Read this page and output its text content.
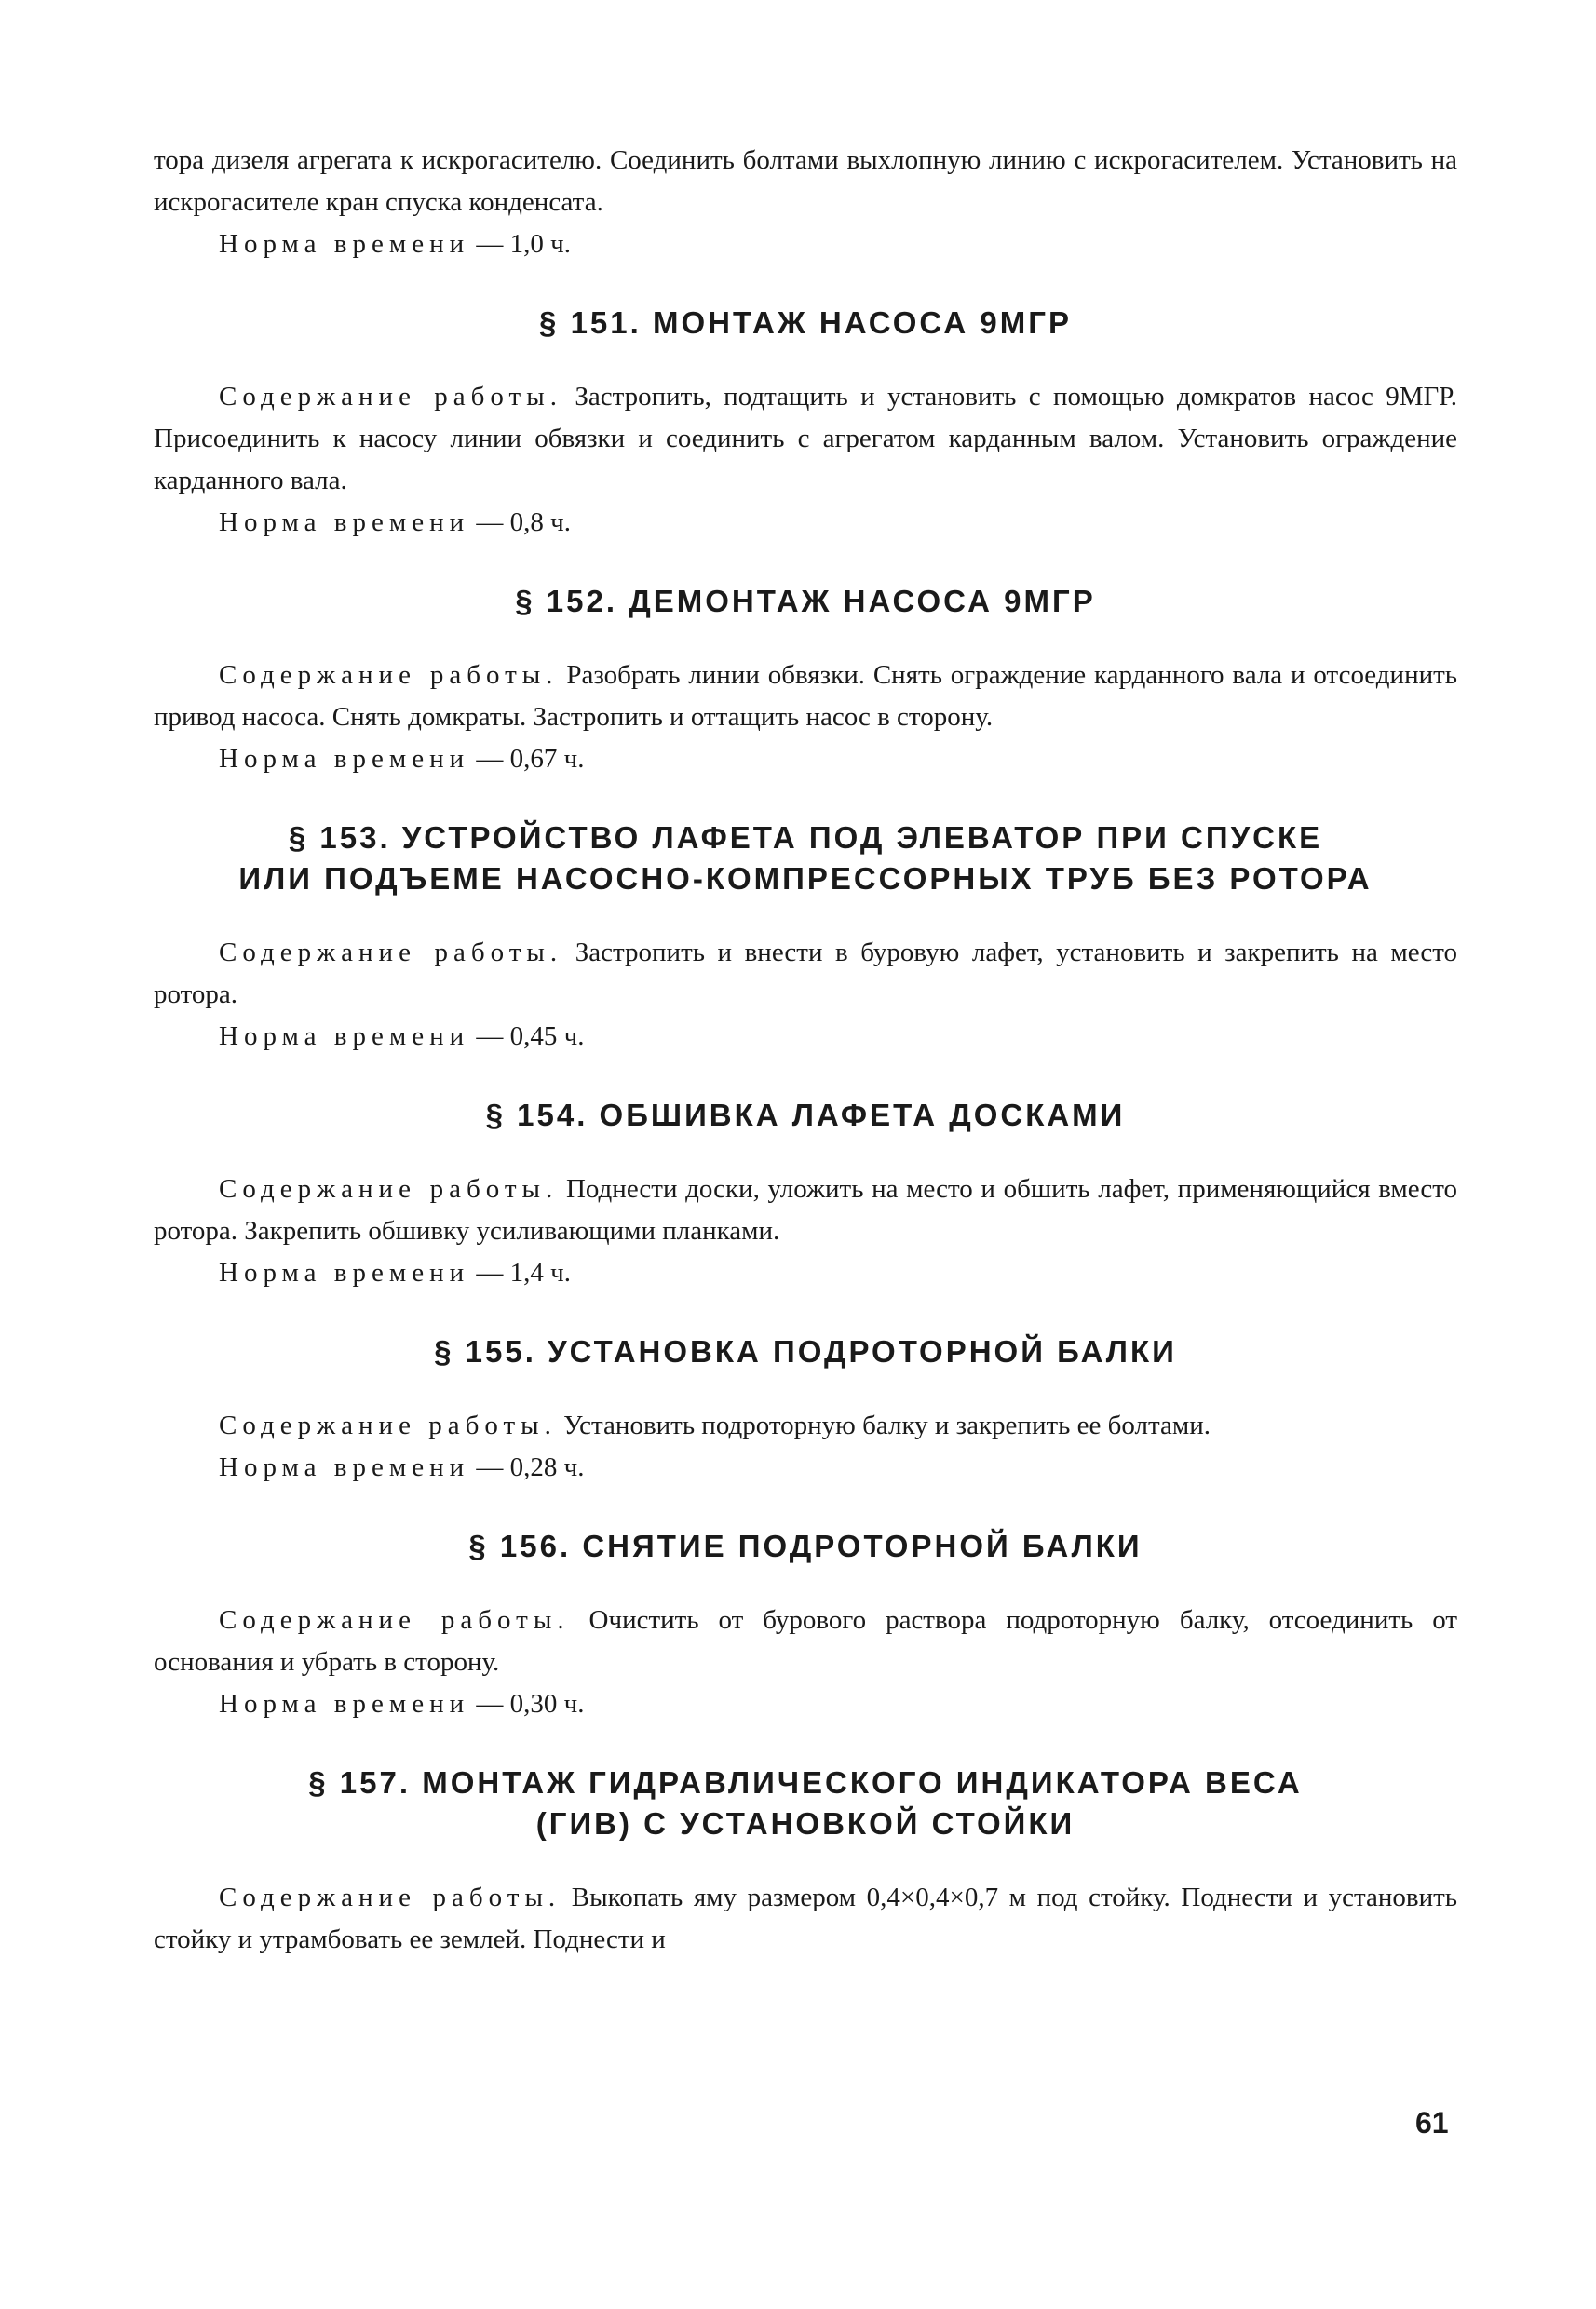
тора дизеля агрегата к искрогасителю. Соединить болтами выхлопную линию с искрогасителем. Установить на искрогасителе кран спуска конденсата.

Норма времени — 1,0 ч.
§ 151. МОНТАЖ НАСОСА 9МГР

Содержание работы. Застропить, подтащить и установить с помощью домкратов насос 9МГР. Присоединить к насосу линии обвязки и соединить с агрегатом карданным валом. Установить ограждение карданного вала.

Норма времени — 0,8 ч.
§ 152. ДЕМОНТАЖ НАСОСА 9МГР

Содержание работы. Разобрать линии обвязки. Снять ограждение карданного вала и отсоединить привод насоса. Снять домкраты. Застропить и оттащить насос в сторону.

Норма времени — 0,67 ч.
§ 153. УСТРОЙСТВО ЛАФЕТА ПОД ЭЛЕВАТОР ПРИ СПУСКЕ
ИЛИ ПОДЪЕМЕ НАСОСНО-КОМПРЕССОРНЫХ ТРУБ БЕЗ РОТОРА

Содержание работы. Застропить и внести в буровую лафет, установить и закрепить на место ротора.

Норма времени — 0,45 ч.
§ 154. ОБШИВКА ЛАФЕТА ДОСКАМИ

Содержание работы. Поднести доски, уложить на место и обшить лафет, применяющийся вместо ротора. Закрепить обшивку усиливающими планками.

Норма времени — 1,4 ч.
§ 155. УСТАНОВКА ПОДРОТОРНОЙ БАЛКИ

Содержание работы. Установить подроторную балку и закрепить ее болтами.

Норма времени — 0,28 ч.
§ 156. СНЯТИЕ ПОДРОТОРНОЙ БАЛКИ

Содержание работы. Очистить от бурового раствора подроторную балку, отсоединить от основания и убрать в сторону.

Норма времени — 0,30 ч.
§ 157. МОНТАЖ ГИДРАВЛИЧЕСКОГО ИНДИКАТОРА ВЕСА
(ГИВ) С УСТАНОВКОЙ СТОЙКИ

Содержание работы. Выкопать яму размером 0,4×0,4×0,7 м под стойку. Поднести и установить стойку и утрамбовать ее землей. Поднести и

61
